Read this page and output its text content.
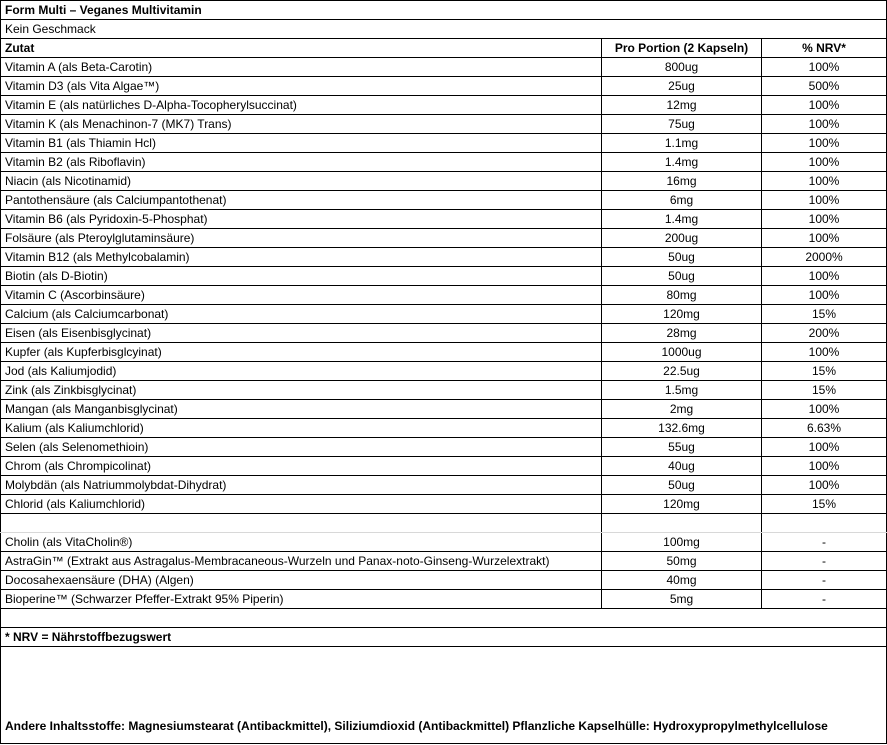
Form Multi – Veganes Multivitamin		
Kein Geschmack		
Zutat	Pro Portion (2 Kapseln)	% NRV*
Vitamin A (als Beta-Carotin)	800ug	100%
Vitamin D3 (als Vita Algae™)	25ug	500%
Vitamin E (als natürliches D-Alpha-Tocopherylsuccinat)	12mg	100%
Vitamin K (als Menachinon-7 (MK7) Trans)	75ug	100%
Vitamin B1 (als Thiamin Hcl)	1.1mg	100%
Vitamin B2 (als Riboflavin)	1.4mg	100%
Niacin (als Nicotinamid)	16mg	100%
Pantothensäure (als Calciumpantothenat)	6mg	100%
Vitamin B6 (als Pyridoxin-5-Phosphat)	1.4mg	100%
Folsäure (als Pteroylglutaminsäure)	200ug	100%
Vitamin B12 (als Methylcobalamin)	50ug	2000%
Biotin (als D-Biotin)	50ug	100%
Vitamin C (Ascorbinsäure)	80mg	100%
Calcium (als Calciumcarbonat)	120mg	15%
Eisen (als Eisenbisglycinat)	28mg	200%
Kupfer (als Kupferbisglcyinat)	1000ug	100%
Jod (als Kaliumjodid)	22.5ug	15%
Zink (als Zinkbisglycinat)	1.5mg	15%
Mangan (als Manganbisglycinat)	2mg	100%
Kalium (als Kaliumchlorid)	132.6mg	6.63%
Selen (als Selenomethioin)	55ug	100%
Chrom (als Chrompicolinat)	40ug	100%
Molybdän (als Natriummolybdat-Dihydrat)	50ug	100%
Chlorid (als Kaliumchlorid)	120mg	15%

Cholin (als VitaCholin®)	100mg	-
AstraGin™ (Extrakt aus Astragalus-Membracaneous-Wurzeln und Panax-noto-Ginseng-Wurzelextrakt)	50mg	-
Docosahexaensäure (DHA) (Algen)	40mg	-
Bioperine™ (Schwarzer Pfeffer-Extrakt 95% Piperin)	5mg	-

* NRV = Nährstoffbezugswert		
Andere Inhaltsstoffe: Magnesiumstearat (Antibackmittel), Siliziumdioxid (Antibackmittel) Pflanzliche Kapselhülle: Hydroxypropylmethylcellulose		
